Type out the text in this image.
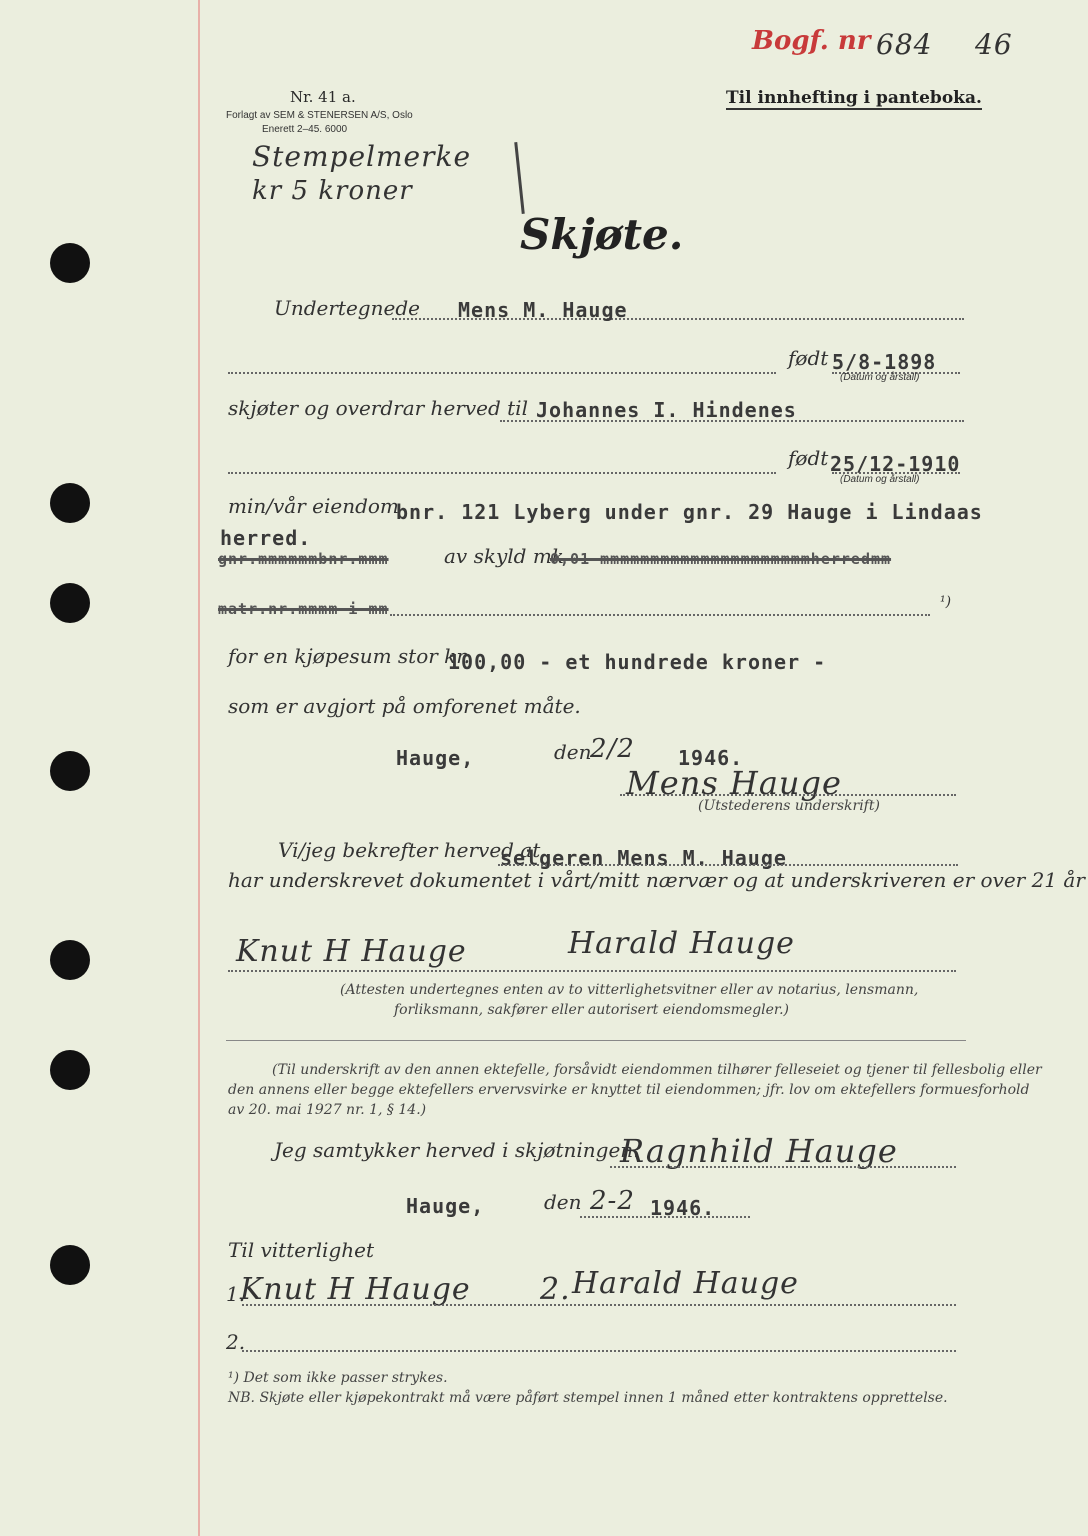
Bogf. nr 684 46
Til innhefting i panteboka.
Nr. 41 a.
Forlagt av SEM & STENERSEN A/S, Oslo
Enerett 2–45. 6000
Stempelmerke
kr 5 kroner
Skjøte.
Undertegnede Mens M. Hauge
født 5/8-1898
(Datum og årstall)
skjøter og overdrar herved til Johannes I. Hindenes
født 25/12-1910
(Datum og årstall)
min/vår eiendom
bnr. 121 Lyberg under gnr. 29 Hauge i Lindaas
herred.
gnr.mmmmmmbnr.mmm	av skyld mk
0,01 mmmmmmmmmmmmmmmmmmmmmherredmm
matr.nr.mmmm i mm	¹)
for en kjøpesum stor kr.
100,00 - et hundrede kroner -
som er avgjort på omforenet måte.
Hauge,	den
2/2 1946.
Mens Hauge
(Utstederens underskrift)
Vi/jeg bekrefter herved at
selgeren Mens M. Hauge
har underskrevet dokumentet i vårt/mitt nærvær og at underskriveren er over 21 år
Knut H Hauge	Harald Hauge
(Attesten undertegnes enten av to vitterlighetsvitner eller av notarius, lensmann,
forliksmann, sakfører eller autorisert eiendomsmegler.)
(Til underskrift av den annen ektefelle, forsåvidt eiendommen tilhører felleseiet og tjener til fellesbolig eller
den annens eller begge ektefellers ervervsvirke er knyttet til eiendommen; jfr. lov om ektefellers formuesforhold
av 20. mai 1927 nr. 1, § 14.)
Jeg samtykker herved i skjøtningen.
Ragnhild Hauge
Hauge,	den 2-2 1946.
Til vitterlighet
1.
Knut H Hauge 2. Harald Hauge
2.
¹) Det som ikke passer strykes.
NB. Skjøte eller kjøpekontrakt må være påført stempel innen 1 måned etter kontraktens opprettelse.
